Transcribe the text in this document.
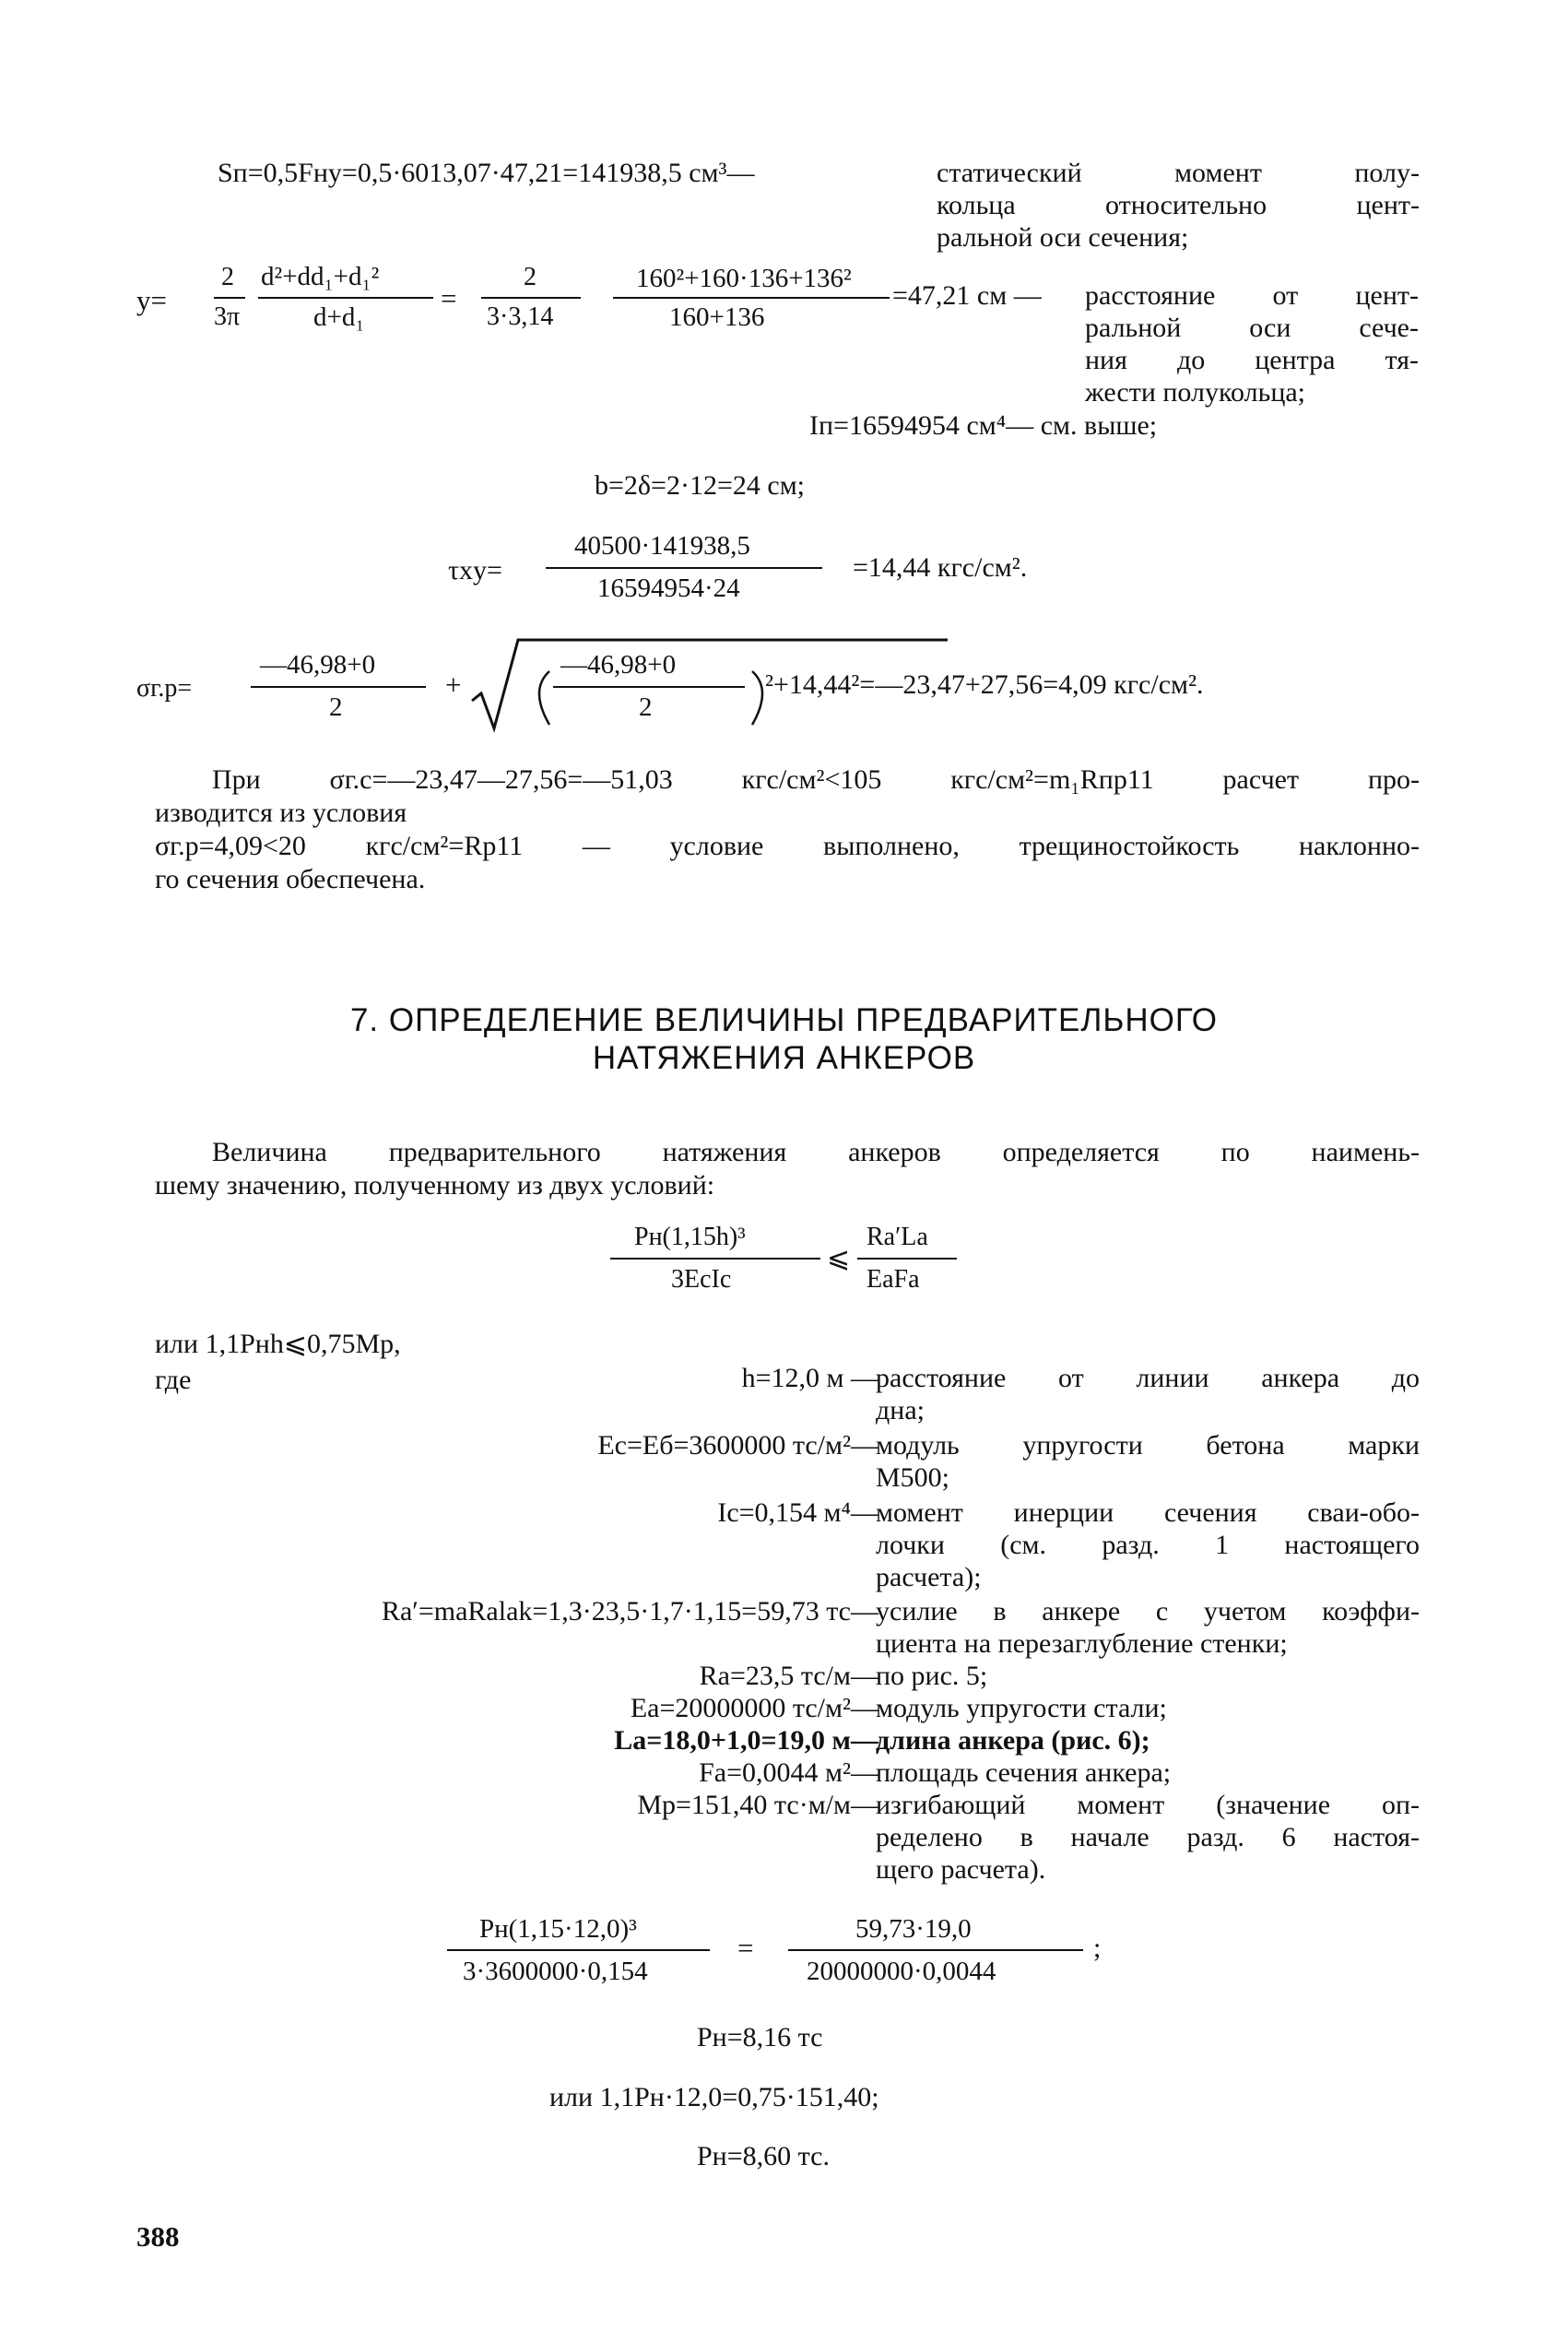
Sп=0,5Fнy=0,5·6013,07·47,21=141938,5 см³—	статический момент полу-
кольца относительно цент-
ральной оси сечения;
y=
2
3π
d²+dd₁+d₁²
d+d₁
=
2
3·3,14
160²+160·136+136²
160+136
=47,21 см — расстояние от цент-
ральной оси сече-
ния до центра тя-
жести полукольца;
Iп=16594954 см⁴— см. выше;
b=2δ=2·12=24 см;
τxy=
40500·141938,5
16594954·24
=14,44 кгс/см².
σг.р=
—46,98+0
2
+
—46,98+0
2
²+14,44²=—23,47+27,56=4,09 кгс/см².
При σг.с=—23,47—27,56=—51,03 кгс/см²<105 кгс/см²=m₁Rпр11 расчет про-
изводится из условия
σг.р=4,09<20 кгс/см²=Rр11 — условие выполнено, трещиностойкость наклонно-
го сечения обеспечена.
7. ОПРЕДЕЛЕНИЕ ВЕЛИЧИНЫ ПРЕДВАРИТЕЛЬНОГО
НАТЯЖЕНИЯ АНКЕРОВ
Величина предварительного натяжения анкеров определяется по наимень-
шему значению, полученному из двух условий:
Pн(1,15h)³
3EcIc
⩽
Ra′La
EaFa
или 1,1Pнh⩽0,75Mр,
где	h=12,0 м —
расстояние от линии анкера до
дна;
Ec=Eб=3600000 тс/м²—
модуль упругости бетона марки
М500;
Ic=0,154 м⁴—
момент инерции сечения сваи-обо-
лочки (см. разд. 1 настоящего
расчета);
Ra′=maRalak=1,3·23,5·1,7·1,15=59,73 тс—
усилие в анкере с учетом коэффи-
циента на перезаглубление стенки;
Ra=23,5 тс/м—
по рис. 5;
Ea=20000000 тс/м²—
модуль упругости стали;
La=18,0+1,0=19,0 м—
длина анкера (рис. 6);
Fa=0,0044 м²—
площадь сечения анкера;
Mр=151,40 тс·м/м—
изгибающий момент (значение оп-
ределено в начале разд. 6 настоя-
щего расчета).
Pн(1,15·12,0)³
3·3600000·0,154
=
59,73·19,0
20000000·0,0044
;
Pн=8,16 тс
или 1,1Pн·12,0=0,75·151,40;
Pн=8,60 тс.
388
